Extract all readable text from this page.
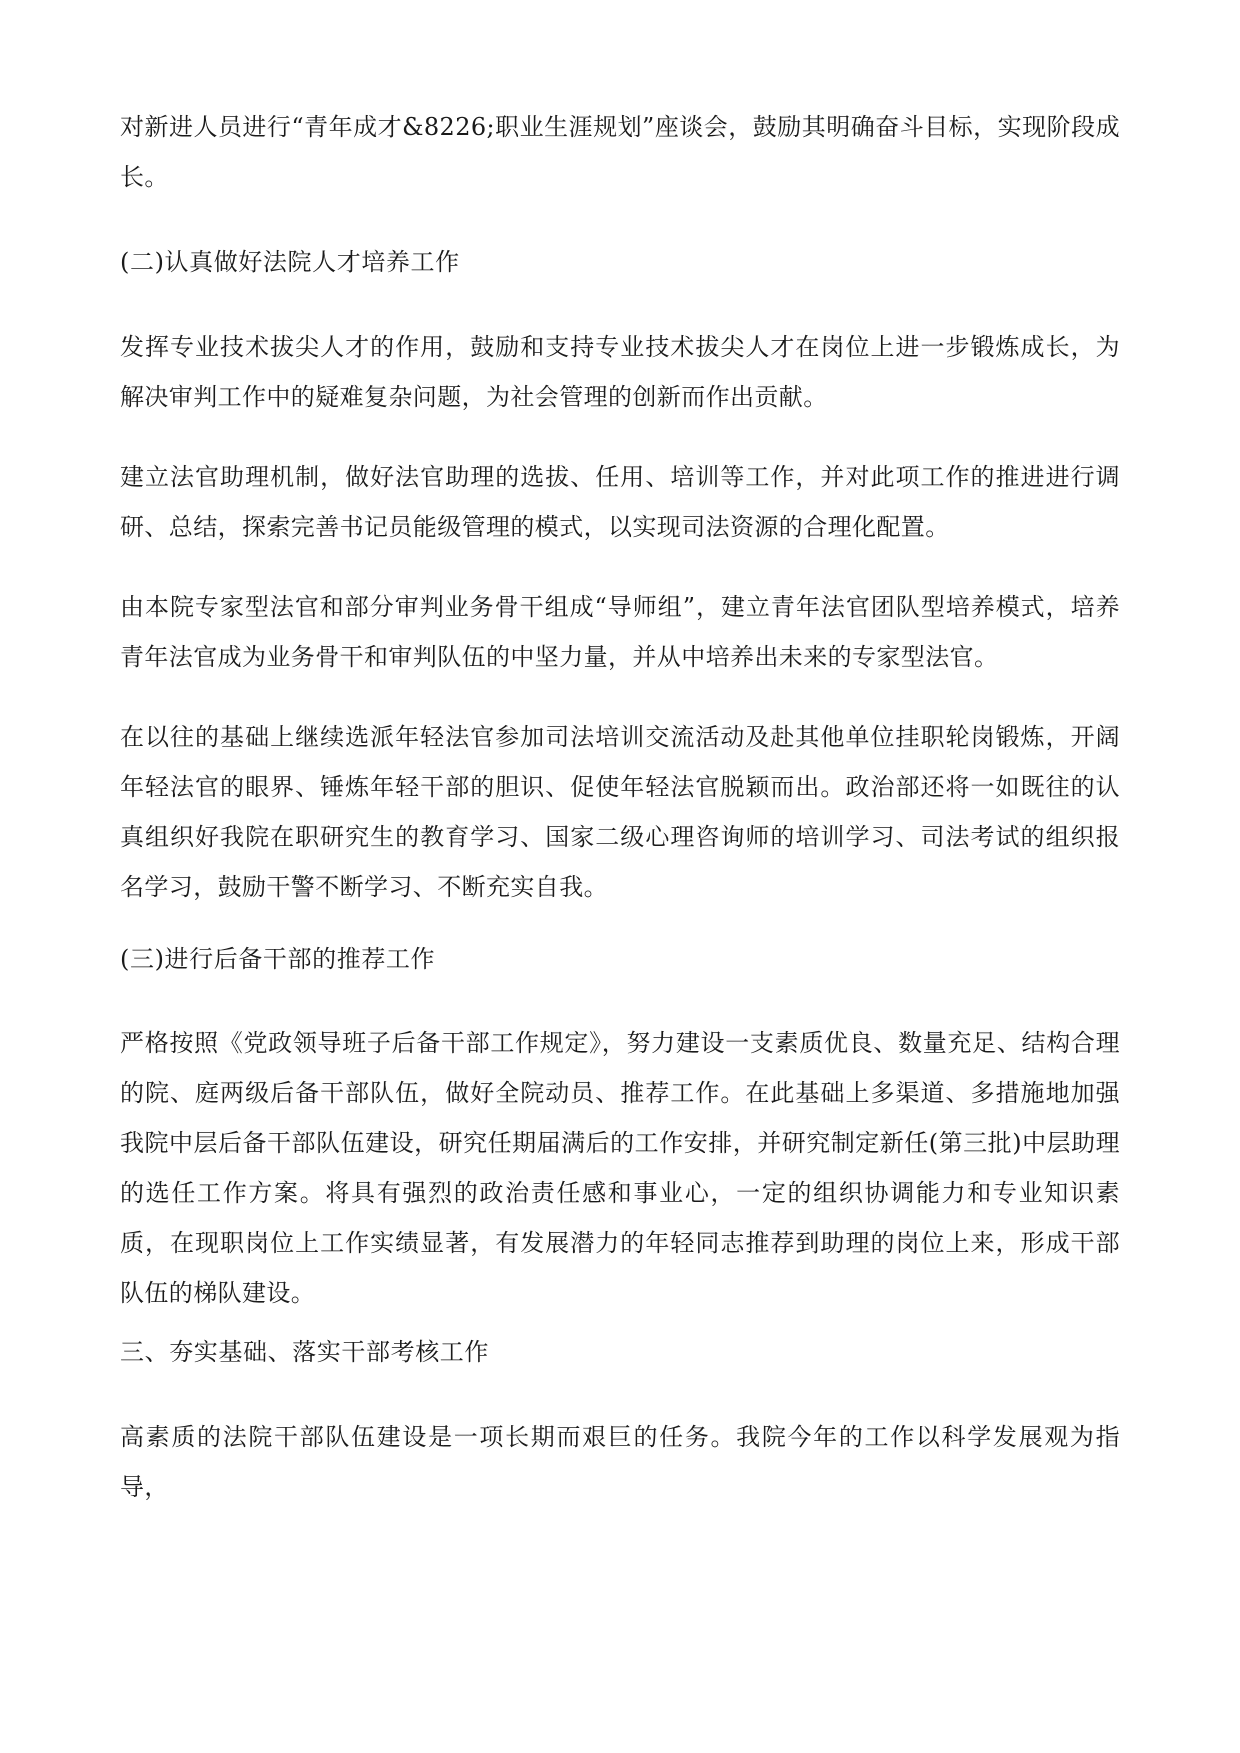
对新进人员进行“青年成才&8226;职业生涯规划”座谈会，鼓励其明确奋斗目标，实现阶段成长。

(二)认真做好法院人才培养工作

发挥专业技术拔尖人才的作用，鼓励和支持专业技术拔尖人才在岗位上进一步锻炼成长，为解决审判工作中的疑难复杂问题，为社会管理的创新而作出贡献。

建立法官助理机制，做好法官助理的选拔、任用、培训等工作，并对此项工作的推进进行调研、总结，探索完善书记员能级管理的模式，以实现司法资源的合理化配置。

由本院专家型法官和部分审判业务骨干组成“导师组”，建立青年法官团队型培养模式，培养青年法官成为业务骨干和审判队伍的中坚力量，并从中培养出未来的专家型法官。

在以往的基础上继续选派年轻法官参加司法培训交流活动及赴其他单位挂职轮岗锻炼，开阔年轻法官的眼界、锤炼年轻干部的胆识、促使年轻法官脱颖而出。政治部还将一如既往的认真组织好我院在职研究生的教育学习、国家二级心理咨询师的培训学习、司法考试的组织报名学习，鼓励干警不断学习、不断充实自我。

(三)进行后备干部的推荐工作

严格按照《党政领导班子后备干部工作规定》，努力建设一支素质优良、数量充足、结构合理的院、庭两级后备干部队伍，做好全院动员、推荐工作。在此基础上多渠道、多措施地加强我院中层后备干部队伍建设，研究任期届满后的工作安排，并研究制定新任(第三批)中层助理的选任工作方案。将具有强烈的政治责任感和事业心，一定的组织协调能力和专业知识素质，在现职岗位上工作实绩显著，有发展潜力的年轻同志推荐到助理的岗位上来，形成干部队伍的梯队建设。

三、夯实基础、落实干部考核工作

高素质的法院干部队伍建设是一项长期而艰巨的任务。我院今年的工作以科学发展观为指导，
